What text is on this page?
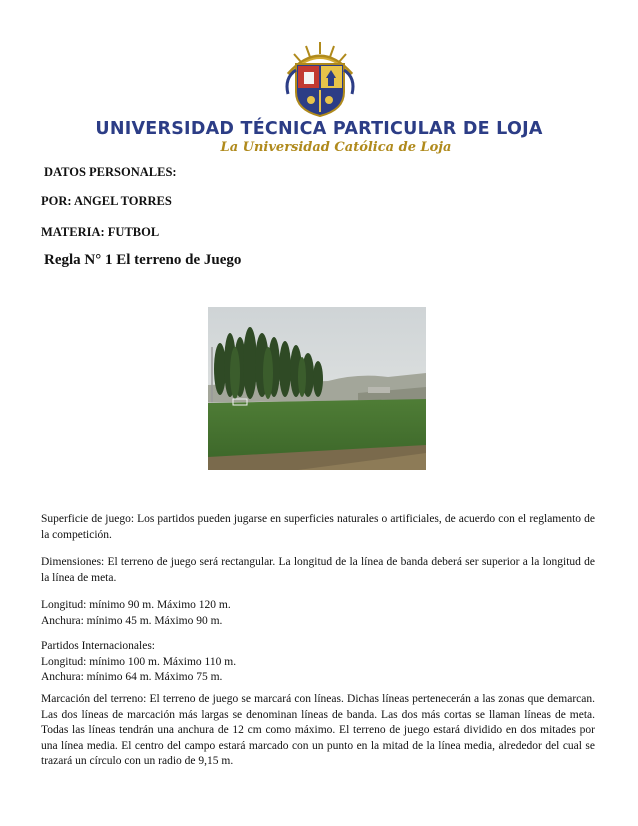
UNIVERSIDAD TÉCNICA PARTICULAR DE LOJA
La Universidad Católica de Loja
DATOS PERSONALES:
POR: ANGEL TORRES
MATERIA: FUTBOL
Regla N° 1 El terreno de Juego

Superficie de juego: Los partidos pueden jugarse en superficies naturales o artificiales, de acuerdo con el reglamento de la competición.

Dimensiones: El terreno de juego será rectangular. La longitud de la línea de banda deberá ser superior a la longitud de la línea de meta.

Longitud: mínimo 90 m. Máximo 120 m.
Anchura: mínimo 45 m. Máximo 90 m.
Partidos Internacionales:
Longitud: mínimo 100 m. Máximo 110 m.
Anchura: mínimo 64 m. Máximo 75 m.

Marcación del terreno: El terreno de juego se marcará con líneas. Dichas líneas pertenecerán a las zonas que demarcan. Las dos líneas de marcación más largas se denominan líneas de banda. Las dos más cortas se llaman líneas de meta. Todas las líneas tendrán una anchura de 12 cm como máximo. El terreno de juego estará dividido en dos mitades por una línea media. El centro del campo estará marcado con un punto en la mitad de la línea media, alrededor del cual se trazará un círculo con un radio de 9,15 m.
